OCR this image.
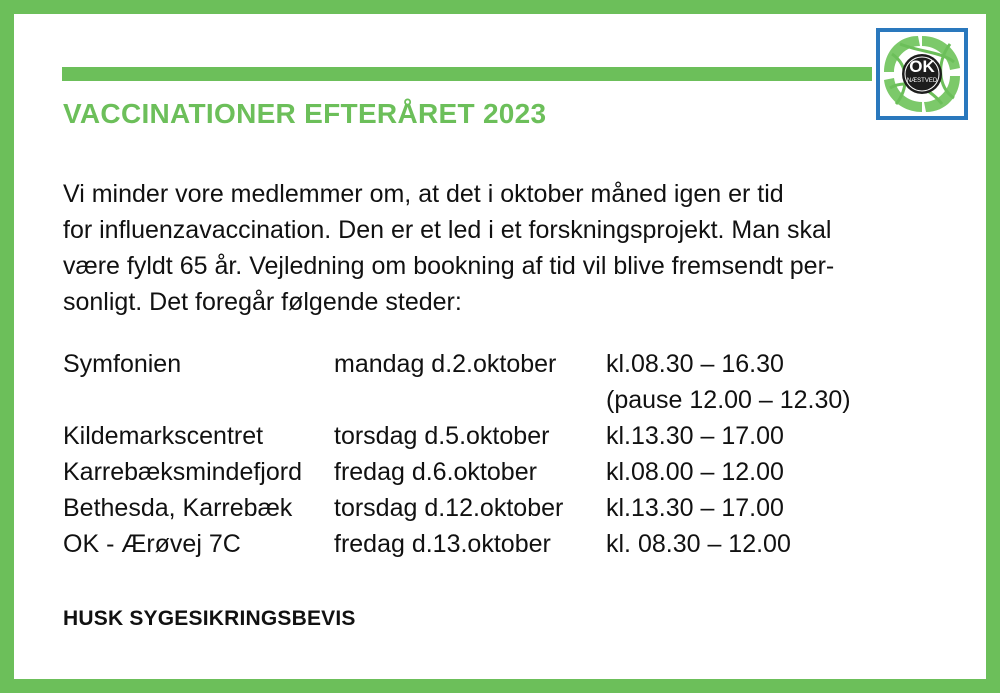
OK
NÆSTVED
VACCINATIONER EFTERÅRET 2023
Vi minder vore medlemmer om, at det i oktober måned igen er tid
for influenzavaccination. Den er et led i et forskningsprojekt. Man skal
være fyldt 65 år. Vejledning om bookning af tid vil blive fremsendt per-
sonligt. Det foregår følgende steder:
Symfonien	mandag d.2.oktober kl.08.30 – 16.30
(pause 12.00 – 12.30)
Kildemarkscentret	torsdag d.5.oktober kl.13.30 – 17.00
Karrebæksmindefjord fredag d.6.oktober	kl.08.00 – 12.00
Bethesda, Karrebæk torsdag d.12.oktober kl.13.30 – 17.00
OK - Ærøvej 7C	fredag d.13.oktober kl. 08.30 – 12.00
HUSK SYGESIKRINGSBEVIS
